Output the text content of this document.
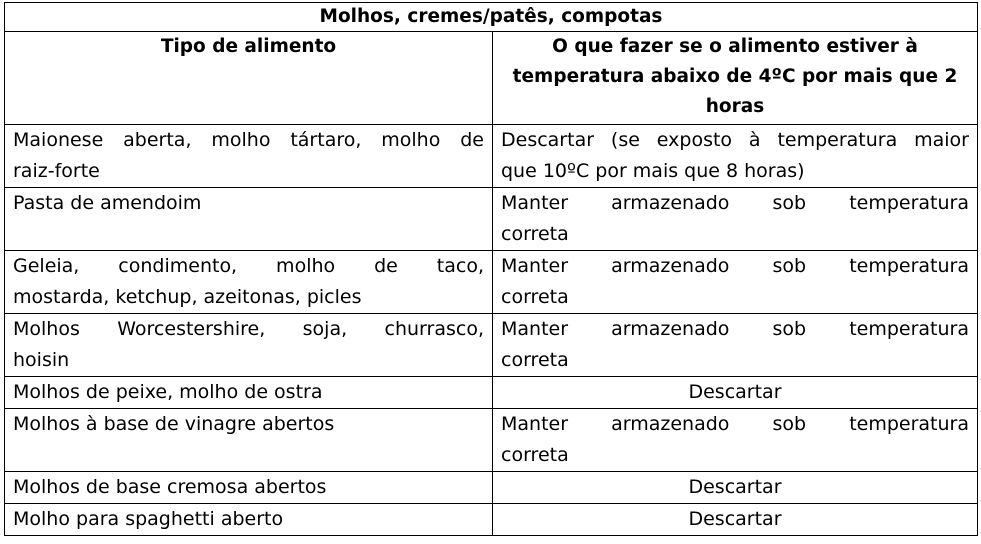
Molhos, cremes/patês, compotas	
Tipo de alimento	O que fazer se o alimento estiver à temperatura abaixo de 4ºC por mais que 2 horas

Maionese aberta, molho tártaro, molho de
raiz-forte	Descartar (se exposto à temperatura maior
que 10ºC por mais que 8 horas)

Pasta de amendoim	Manter armazenado sob temperatura
correta

Geleia, condimento, molho de taco,
mostarda, ketchup, azeitonas, picles	Manter armazenado sob temperatura
correta

Molhos Worcestershire, soja, churrasco,
hoisin	Manter armazenado sob temperatura
correta

Molhos de peixe, molho de ostra	Descartar

Molhos à base de vinagre abertos	Manter armazenado sob temperatura
correta

Molhos de base cremosa abertos	Descartar

Molho para spaghetti aberto	Descartar
